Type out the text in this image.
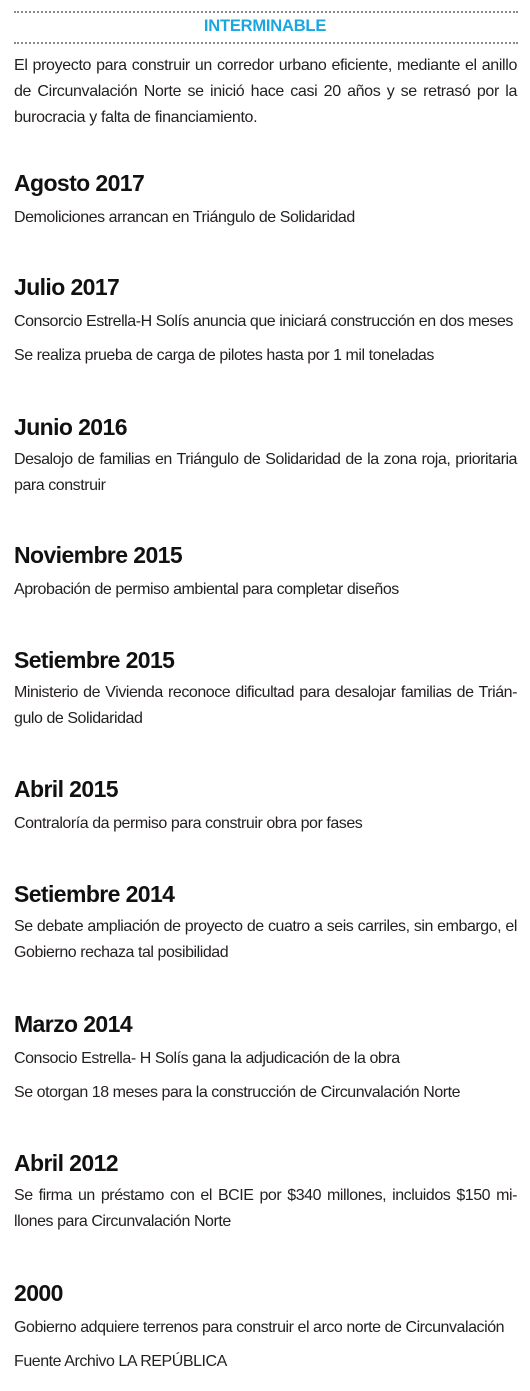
INTERMINABLE

El proyecto para construir un corredor urbano eficiente, mediante el anillo de Circunvalación Norte se inició hace casi 20 años y se retrasó por la burocracia y falta de financiamiento.

Agosto 2017

Demoliciones arrancan en Triángulo de Solidaridad

Julio 2017

Consorcio Estrella-H Solís anuncia que iniciará construcción en dos meses

Se realiza prueba de carga de pilotes hasta por 1 mil toneladas

Junio 2016

Desalojo de familias en Triángulo de Solidaridad de la zona roja, prioritaria para construir

Noviembre 2015

Aprobación de permiso ambiental para completar diseños

Setiembre 2015

Ministerio de Vivienda reconoce dificultad para desalojar familias de Trián-gulo de Solidaridad

Abril 2015

Contraloría da permiso para construir obra por fases

Setiembre 2014

Se debate ampliación de proyecto de cuatro a seis carriles, sin embargo, el Gobierno rechaza tal posibilidad

Marzo 2014

Consocio Estrella- H Solís gana la adjudicación de la obra

Se otorgan 18 meses para la construcción de Circunvalación Norte

Abril 2012

Se firma un préstamo con el BCIE por $340 millones, incluidos $150 mi-llones para Circunvalación Norte

2000

Gobierno adquiere terrenos para construir el arco norte de Circunvalación

Fuente Archivo LA REPÚBLICA
